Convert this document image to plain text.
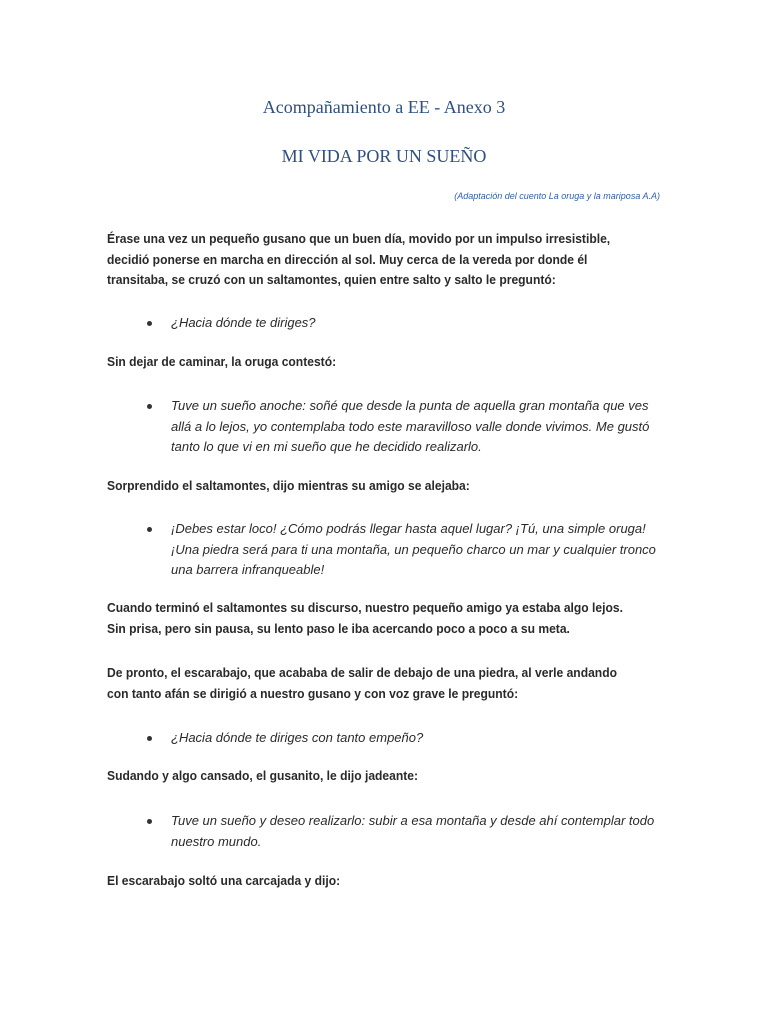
Acompañamiento a EE - Anexo 3
MI VIDA POR UN SUEÑO

(Adaptación del cuento La oruga y la mariposa A.A)

Érase una vez un pequeño gusano que un buen día, movido por un impulso irresistible, decidió ponerse en marcha en dirección al sol. Muy cerca de la vereda por donde él transitaba, se cruzó con un saltamontes, quien entre salto y salto le preguntó:

¿Hacia dónde te diriges?

Sin dejar de caminar, la oruga contestó:

Tuve un sueño anoche: soñé que desde la punta de aquella gran montaña que ves allá a lo lejos, yo contemplaba todo este maravilloso valle donde vivimos. Me gustó tanto lo que vi en mi sueño que he decidido realizarlo.

Sorprendido el saltamontes, dijo mientras su amigo se alejaba:

¡Debes estar loco! ¿Cómo podrás llegar hasta aquel lugar? ¡Tú, una simple oruga! ¡Una piedra será para ti una montaña, un pequeño charco un mar y cualquier tronco una barrera infranqueable!

Cuando terminó el saltamontes su discurso, nuestro pequeño amigo ya estaba algo lejos. Sin prisa, pero sin pausa, su lento paso le iba acercando poco a poco a su meta.

De pronto, el escarabajo, que acababa de salir de debajo de una piedra, al verle andando con tanto afán se dirigió a nuestro gusano y con voz grave le preguntó:

¿Hacia dónde te diriges con tanto empeño?

Sudando y algo cansado, el gusanito, le dijo jadeante:

Tuve un sueño y deseo realizarlo: subir a esa montaña y desde ahí contemplar todo nuestro mundo.

El escarabajo soltó una carcajada y dijo:
